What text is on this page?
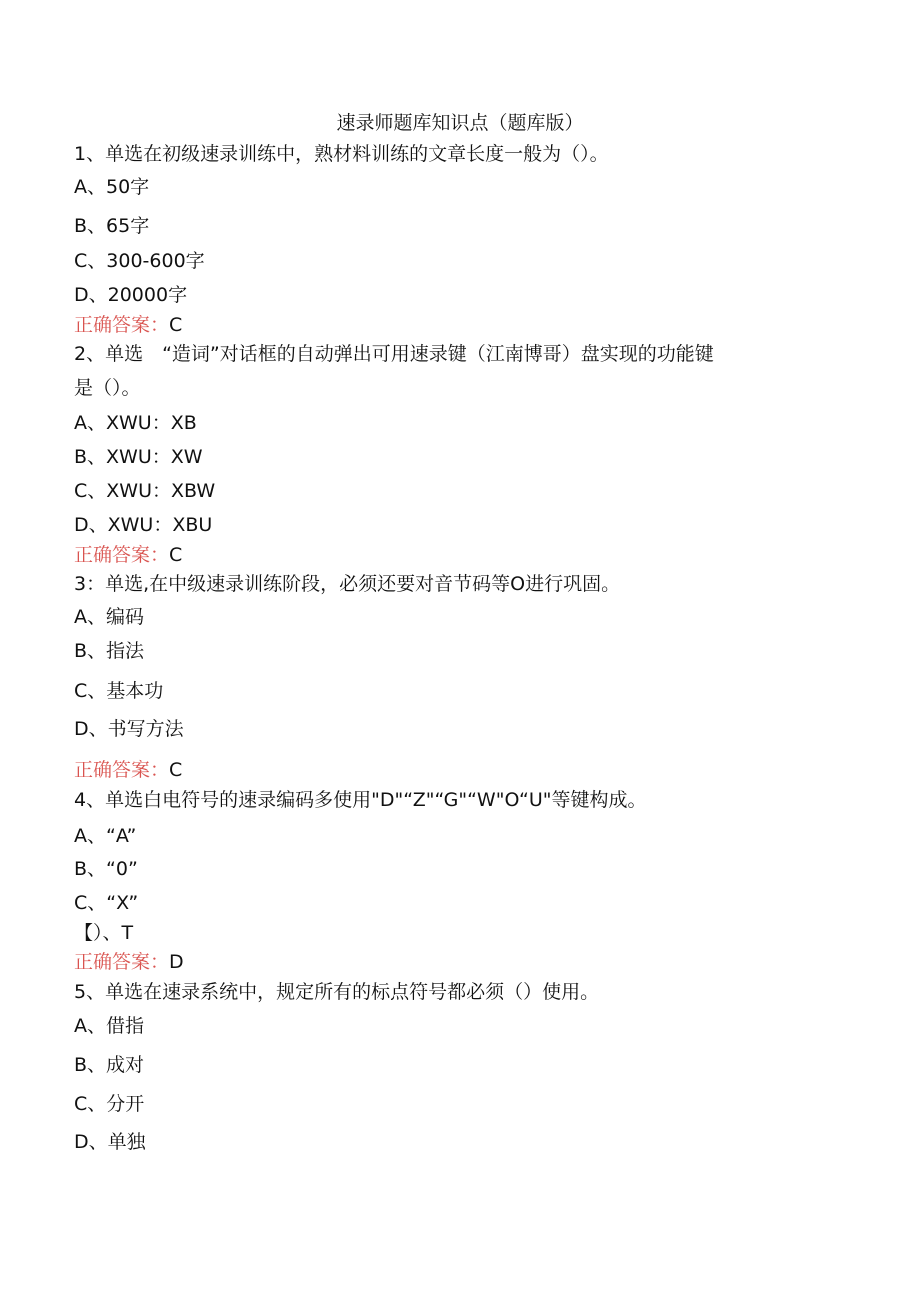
速录师题库知识点（题库版）
1、单选在初级速录训练中，熟材料训练的文章长度一般为（）。
A、50字
B、65字
C、300-600字
D、20000字
正确答案：C
2、单选　“造词”对话框的自动弹出可用速录键（江南博哥）盘实现的功能键
是（）。
A、XWU：XB
B、XWU：XW
C、XWU：XBW
D、XWU：XBU
正确答案：C
3：单选,在中级速录训练阶段，必须还要对音节码等O进行巩固。
A、编码
B、指法
C、基本功
D、书写方法
正确答案：C
4、单选白电符号的速录编码多使用"D"“Z"“G"“W"O“U"等键构成。
A、“A”
B、“0”
C、“X”
【）、T
正确答案：D
5、单选在速录系统中，规定所有的标点符号都必须（）使用。
A、借指
B、成对
C、分开
D、单独
